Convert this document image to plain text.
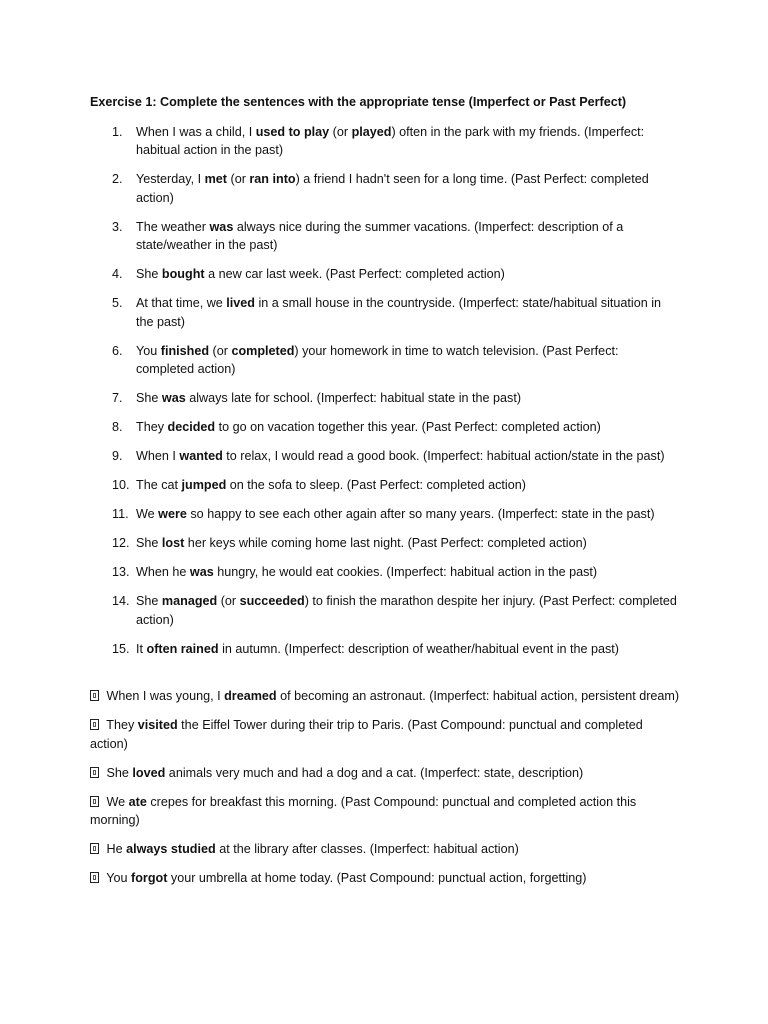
Exercise 1: Complete the sentences with the appropriate tense (Imperfect or Past Perfect)
1. When I was a child, I used to play (or played) often in the park with my friends. (Imperfect: habitual action in the past)
2. Yesterday, I met (or ran into) a friend I hadn't seen for a long time. (Past Perfect: completed action)
3. The weather was always nice during the summer vacations. (Imperfect: description of a state/weather in the past)
4. She bought a new car last week. (Past Perfect: completed action)
5. At that time, we lived in a small house in the countryside. (Imperfect: state/habitual situation in the past)
6. You finished (or completed) your homework in time to watch television. (Past Perfect: completed action)
7. She was always late for school. (Imperfect: habitual state in the past)
8. They decided to go on vacation together this year. (Past Perfect: completed action)
9. When I wanted to relax, I would read a good book. (Imperfect: habitual action/state in the past)
10. The cat jumped on the sofa to sleep. (Past Perfect: completed action)
11. We were so happy to see each other again after so many years. (Imperfect: state in the past)
12. She lost her keys while coming home last night. (Past Perfect: completed action)
13. When he was hungry, he would eat cookies. (Imperfect: habitual action in the past)
14. She managed (or succeeded) to finish the marathon despite her injury. (Past Perfect: completed action)
15. It often rained in autumn. (Imperfect: description of weather/habitual event in the past)
When I was young, I dreamed of becoming an astronaut. (Imperfect: habitual action, persistent dream)
They visited the Eiffel Tower during their trip to Paris. (Past Compound: punctual and completed action)
She loved animals very much and had a dog and a cat. (Imperfect: state, description)
We ate crepes for breakfast this morning. (Past Compound: punctual and completed action this morning)
He always studied at the library after classes. (Imperfect: habitual action)
You forgot your umbrella at home today. (Past Compound: punctual action, forgetting)
